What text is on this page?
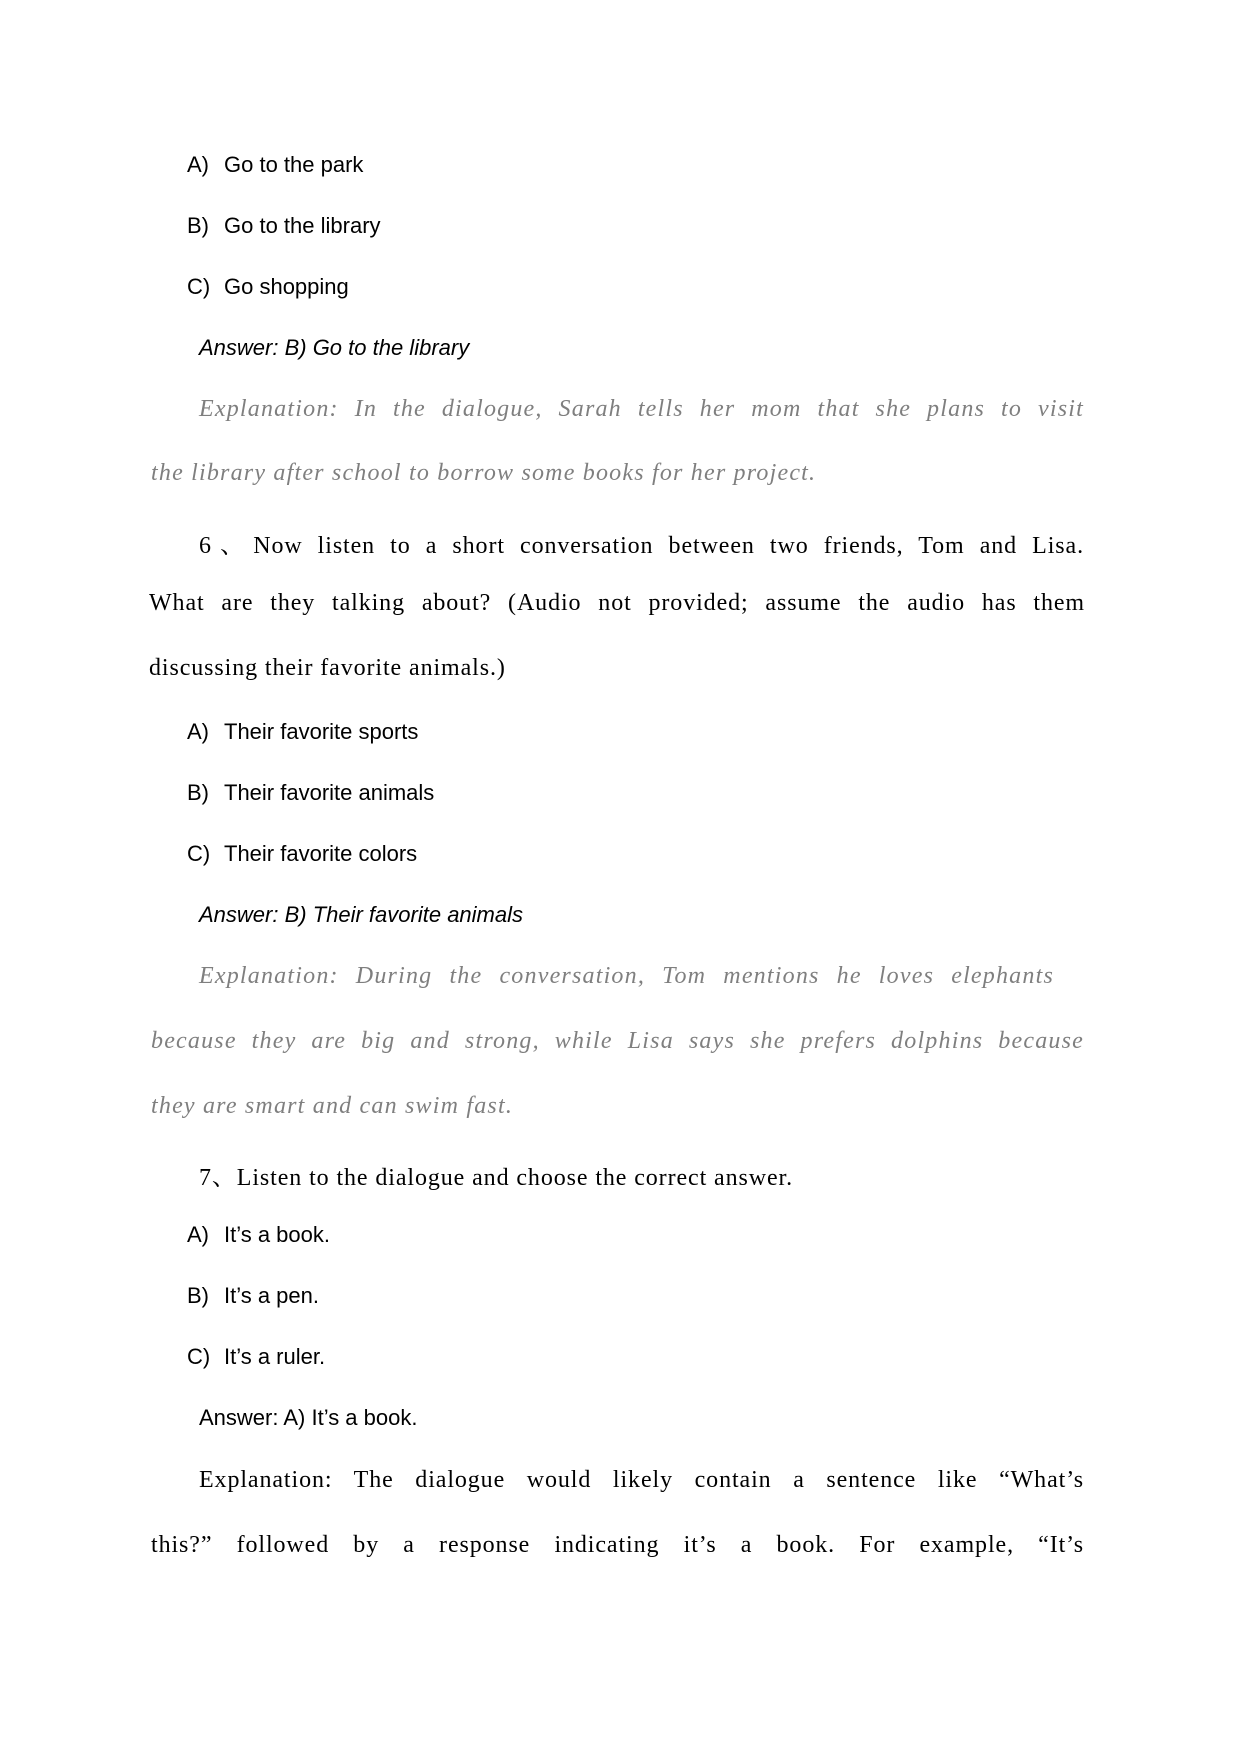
A) Go to the park
B) Go to the library
C) Go shopping
Answer: B) Go to the library
Explanation: In the dialogue, Sarah tells her mom that she plans to visit
the library after school to borrow some books for her project.
6、Now listen to a short conversation between two friends, Tom and Lisa.
What are they talking about? (Audio not provided; assume the audio has them
discussing their favorite animals.)
A) Their favorite sports
B) Their favorite animals
C) Their favorite colors
Answer: B) Their favorite animals
Explanation: During the conversation, Tom mentions he loves elephants
because they are big and strong, while Lisa says she prefers dolphins because
they are smart and can swim fast.
7、Listen to the dialogue and choose the correct answer.
A) It’s a book.
B) It’s a pen.
C) It’s a ruler.
Answer: A) It’s a book.
Explanation: The dialogue would likely contain a sentence like “What’s
this?” followed by a response indicating it’s a book. For example, “It’s
